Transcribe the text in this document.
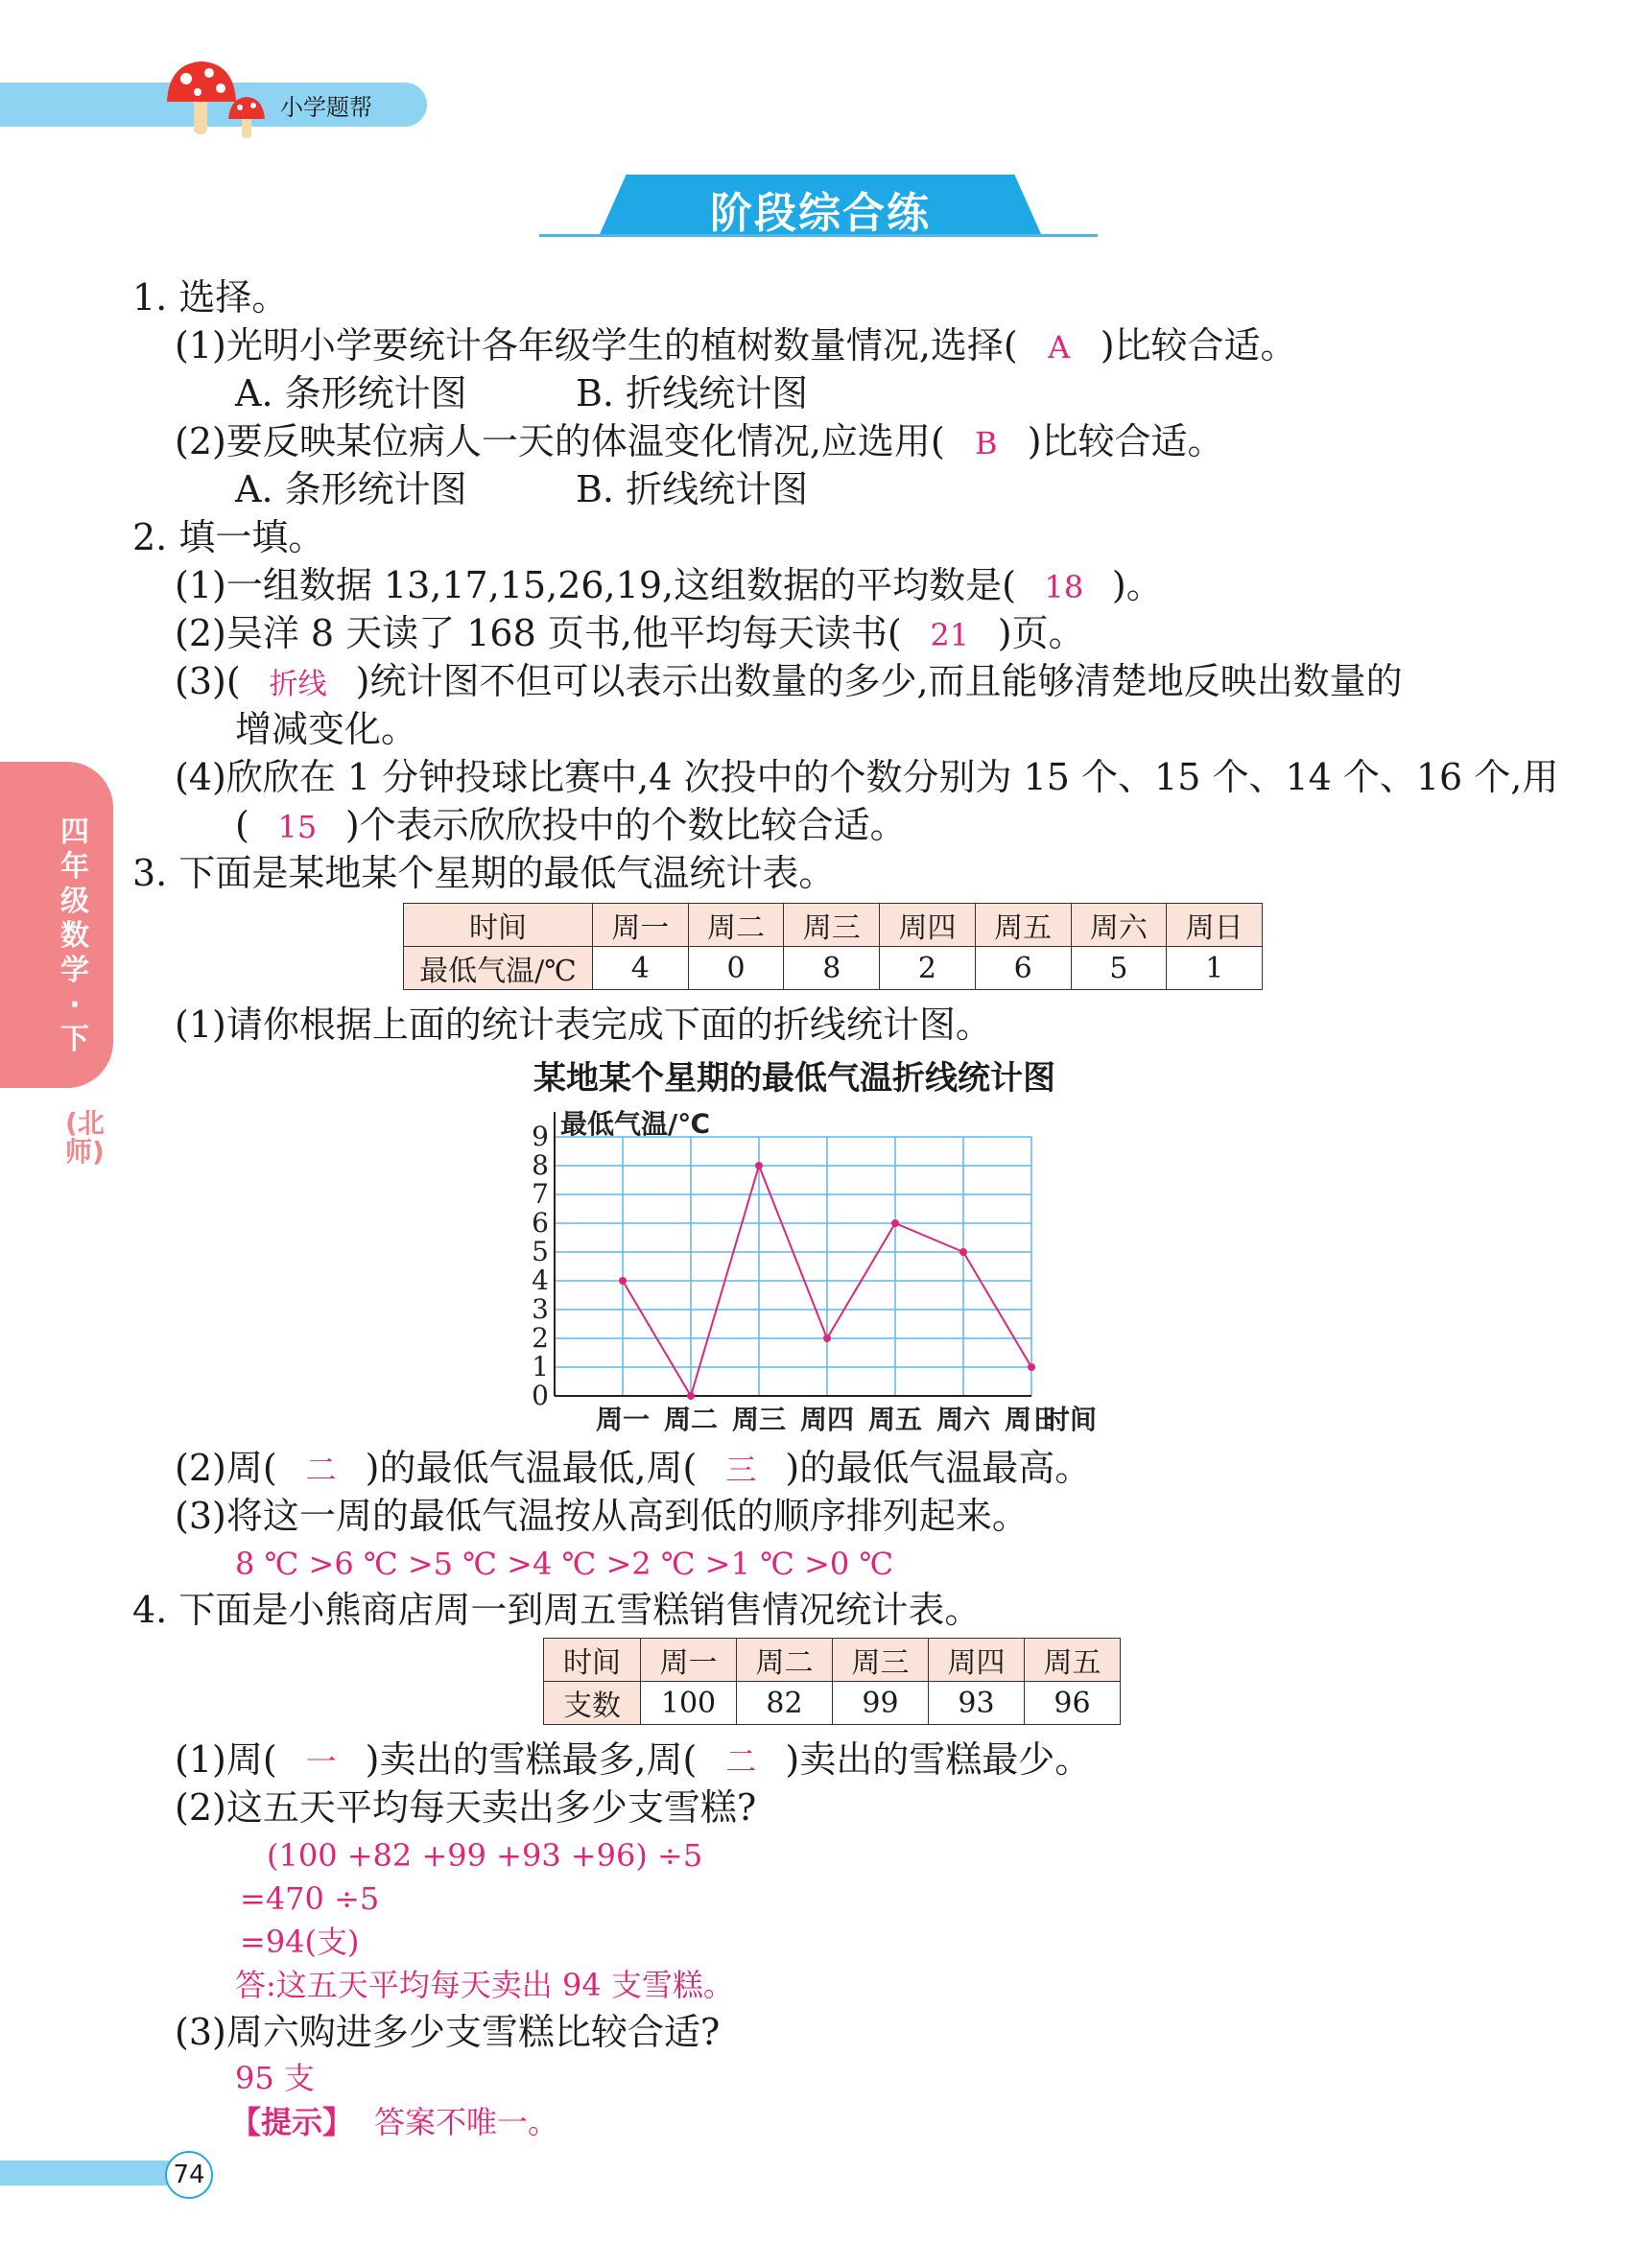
小学题帮
阶段综合练
四年级数学·下
(北师)
1. 选择。
(1)光明小学要统计各年级学生的植树数量情况,选择( A )比较合适。
A. 条形统计图	B. 折线统计图
(2)要反映某位病人一天的体温变化情况,应选用( B )比较合适。
A. 条形统计图	B. 折线统计图
2. 填一填。
(1)一组数据 13,17,15,26,19,这组数据的平均数是( 18 )。
(2)吴洋 8 天读了 168 页书,他平均每天读书( 21 )页。
(3)( 折线 )统计图不但可以表示出数量的多少,而且能够清楚地反映出数量的
增减变化。
(4)欣欣在 1 分钟投球比赛中,4 次投中的个数分别为 15 个、15 个、14 个、16 个,用
( 15 )个表示欣欣投中的个数比较合适。
3. 下面是某地某个星期的最低气温统计表。
时间	周一	周二	周三	周四	周五	周六	周日
最低气温/℃	4	0	8	2	6	5	1
(1)请你根据上面的统计表完成下面的折线统计图。
某地某个星期的最低气温折线统计图
0
1
2
3
4
5
6
7
8
9 最低气温/℃
周一 周二 周三 周四 周五 周六 周日
时间
(2)周( 二 )的最低气温最低,周( 三 )的最低气温最高。
(3)将这一周的最低气温按从高到低的顺序排列起来。
8 ℃ >6 ℃ >5 ℃ >4 ℃ >2 ℃ >1 ℃ >0 ℃
4. 下面是小熊商店周一到周五雪糕销售情况统计表。
时间	周一	周二	周三	周四	周五
支数	100	82	99	93	96
(1)周( 一 )卖出的雪糕最多,周( 二 )卖出的雪糕最少。
(2)这五天平均每天卖出多少支雪糕?
(100 +82 +99 +93 +96) ÷5
=470 ÷5
=94(支)
答:这五天平均每天卖出 94 支雪糕。
(3)周六购进多少支雪糕比较合适?
95 支
【提示】 答案不唯一。
74
